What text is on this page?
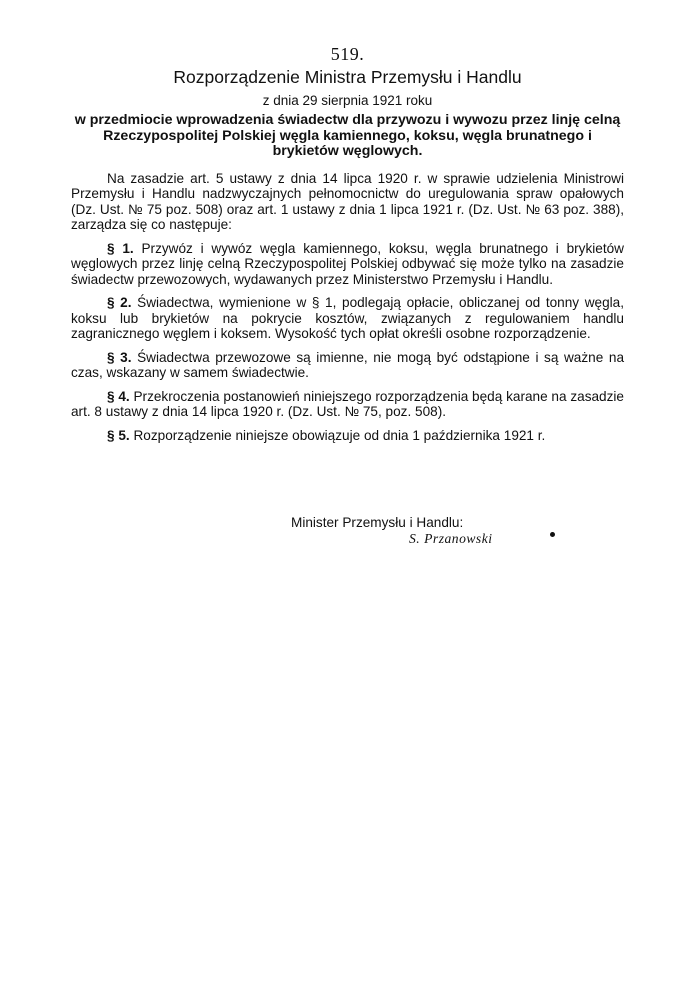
519.

Rozporządzenie Ministra Przemysłu i Handlu

z dnia 29 sierpnia 1921 roku

w przedmiocie wprowadzenia świadectw dla przywozu i wywozu przez linję celną Rzeczypospolitej Polskiej węgla kamiennego, koksu, węgla brunatnego i brykietów węglowych.

Na zasadzie art. 5 ustawy z dnia 14 lipca 1920 r. w sprawie udzielenia Ministrowi Przemysłu i Handlu nadzwyczajnych pełnomocnictw do uregulowania spraw opałowych (Dz. Ust. № 75 poz. 508) oraz art. 1 ustawy z dnia 1 lipca 1921 r. (Dz. Ust. № 63 poz. 388), zarządza się co następuje:

§ 1. Przywóz i wywóz węgla kamiennego, koksu, węgla brunatnego i brykietów węglowych przez linję celną Rzeczypospolitej Polskiej odbywać się może tylko na zasadzie świadectw przewozowych, wydawanych przez Ministerstwo Przemysłu i Handlu.

§ 2. Świadectwa, wymienione w § 1, podlegają opłacie, obliczanej od tonny węgla, koksu lub brykietów na pokrycie kosztów, związanych z regulowaniem handlu zagranicznego węglem i koksem. Wysokość tych opłat określi osobne rozporządzenie.

§ 3. Świadectwa przewozowe są imienne, nie mogą być odstąpione i są ważne na czas, wskazany w samem świadectwie.

§ 4. Przekroczenia postanowień niniejszego rozporządzenia będą karane na zasadzie art. 8 ustawy z dnia 14 lipca 1920 r. (Dz. Ust. № 75, poz. 508).

§ 5. Rozporządzenie niniejsze obowiązuje od dnia 1 października 1921 r.

Minister Przemysłu i Handlu:

S. Przanowski
